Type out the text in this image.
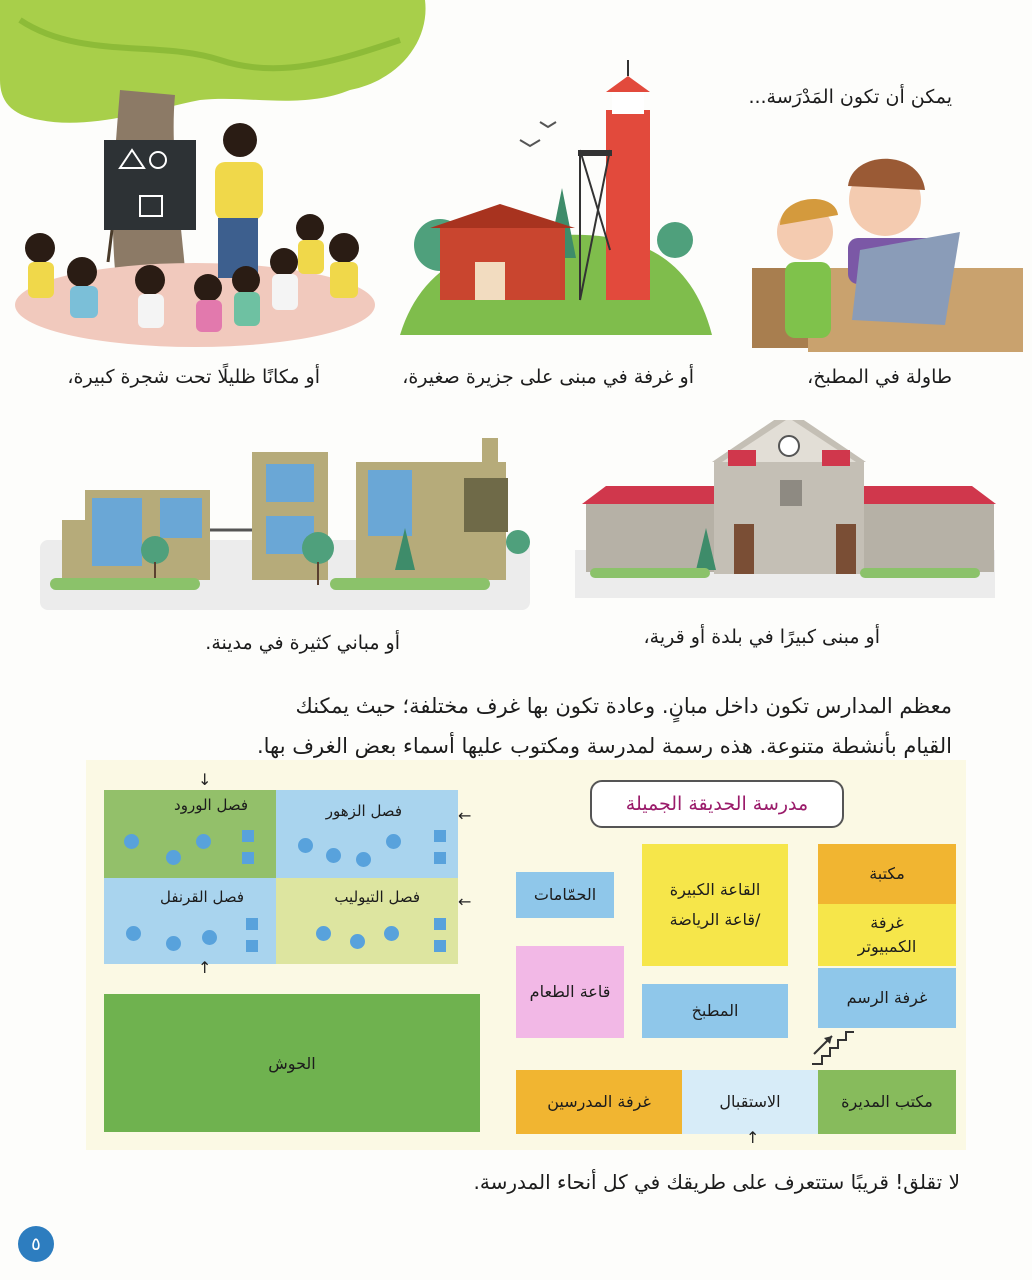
يمكن أن تكون المَدْرَسة...
طاولة في المطبخ،
أو غرفة في مبنى على جزيرة صغيرة،
أو مكانًا ظليلًا تحت شجرة كبيرة،
أو مبنى كبيرًا في بلدة أو قرية،
أو مباني كثيرة في مدينة.
معظم المدارس تكون داخل مبانٍ. وعادة تكون بها غرف مختلفة؛ حيث يمكنك
القيام بأنشطة متنوعة. هذه رسمة لمدرسة ومكتوب عليها أسماء بعض الغرف بها.
فصل الورود	فصل الزهور
فصل القرنفل	فصل التيوليب
↓
←
←
↑
الحوش
مدرسة الحديقة الجميلة
الحمّامات	القاعة الكبيرة
/قاعة الرياضة
مكتبة
غرفة
الكمبيوتر
قاعة الطعام
المطبخ
غرفة الرسم
غرفة المدرسين	الاستقبال	مكتب المديرة
↑
لا تقلق! قريبًا ستتعرف على طريقك في كل أنحاء المدرسة.
٥
